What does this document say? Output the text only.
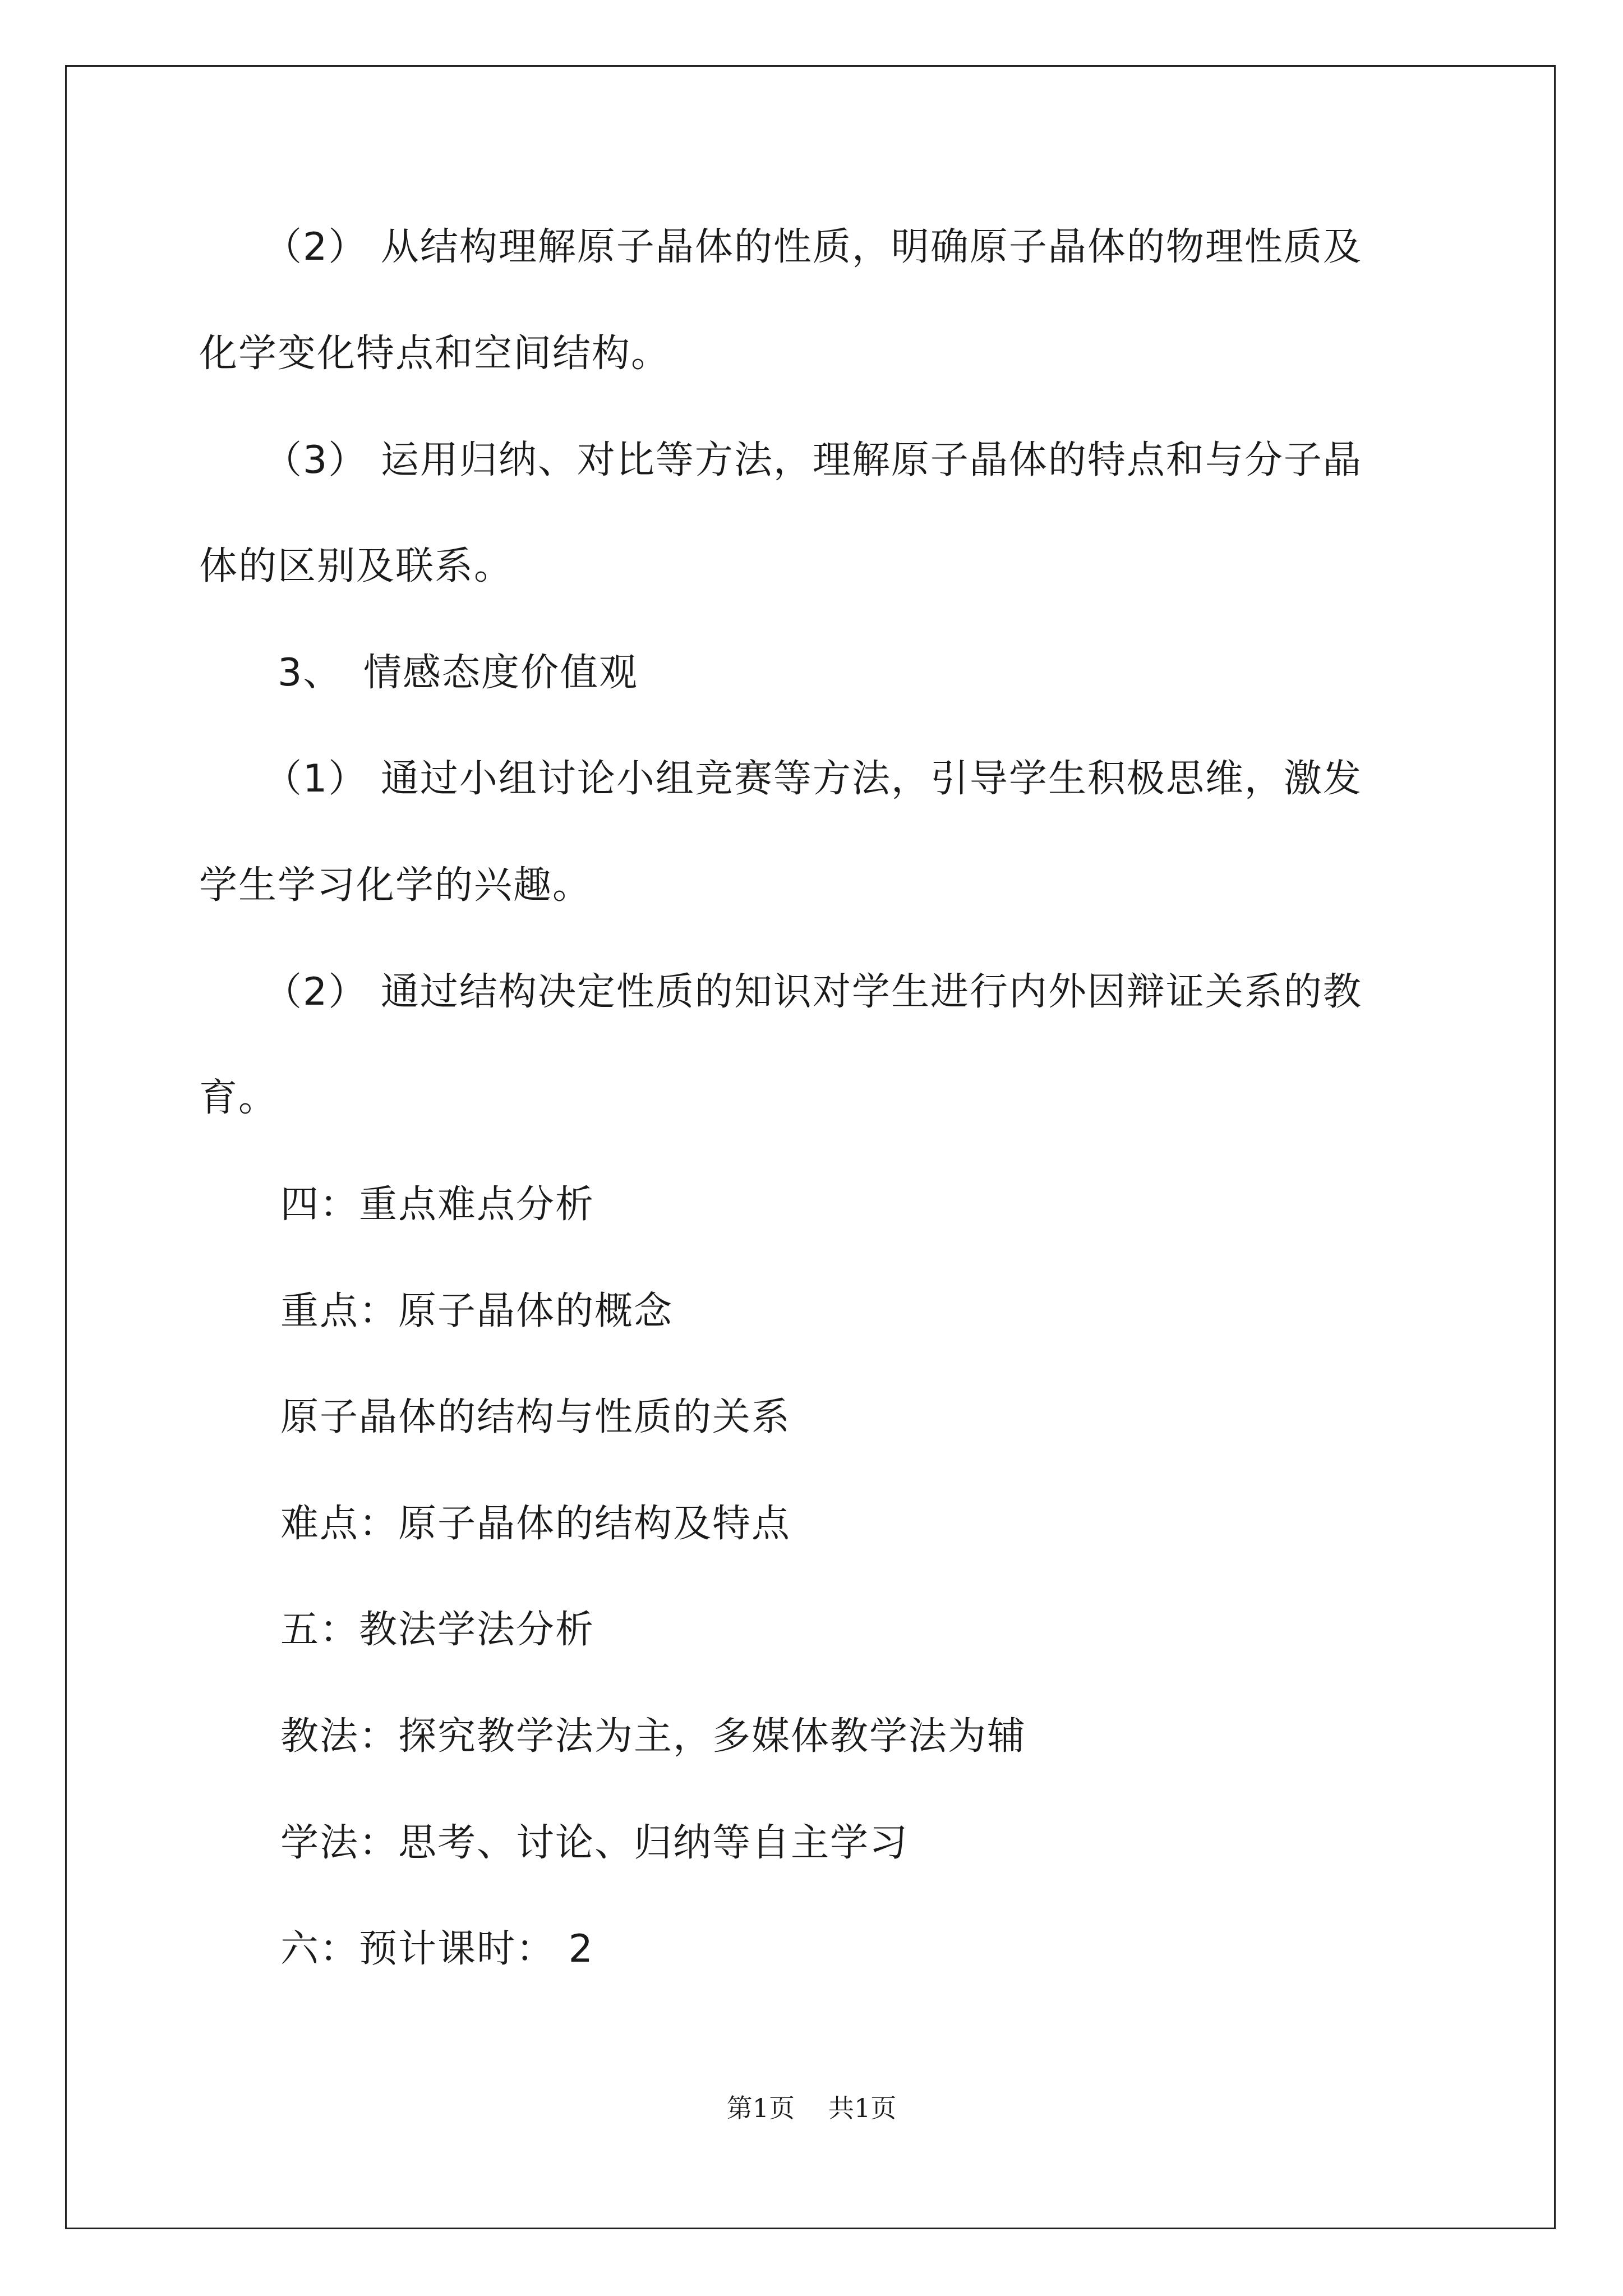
（2） 从结构理解原子晶体的性质，明确原子晶体的物理性质及
化学变化特点和空间结构。
（3） 运用归纳、对比等方法，理解原子晶体的特点和与分子晶
体的区别及联系。
3、 情感态度价值观
（1） 通过小组讨论小组竞赛等方法，引导学生积极思维，激发
学生学习化学的兴趣。
（2） 通过结构决定性质的知识对学生进行内外因辩证关系的教
育。
四：重点难点分析
重点：原子晶体的概念
原子晶体的结构与性质的关系
难点：原子晶体的结构及特点
五：教法学法分析
教法：探究教学法为主，多媒体教学法为辅
学法：思考、讨论、归纳等自主学习
六：预计课时： 2
第1页 共1页
